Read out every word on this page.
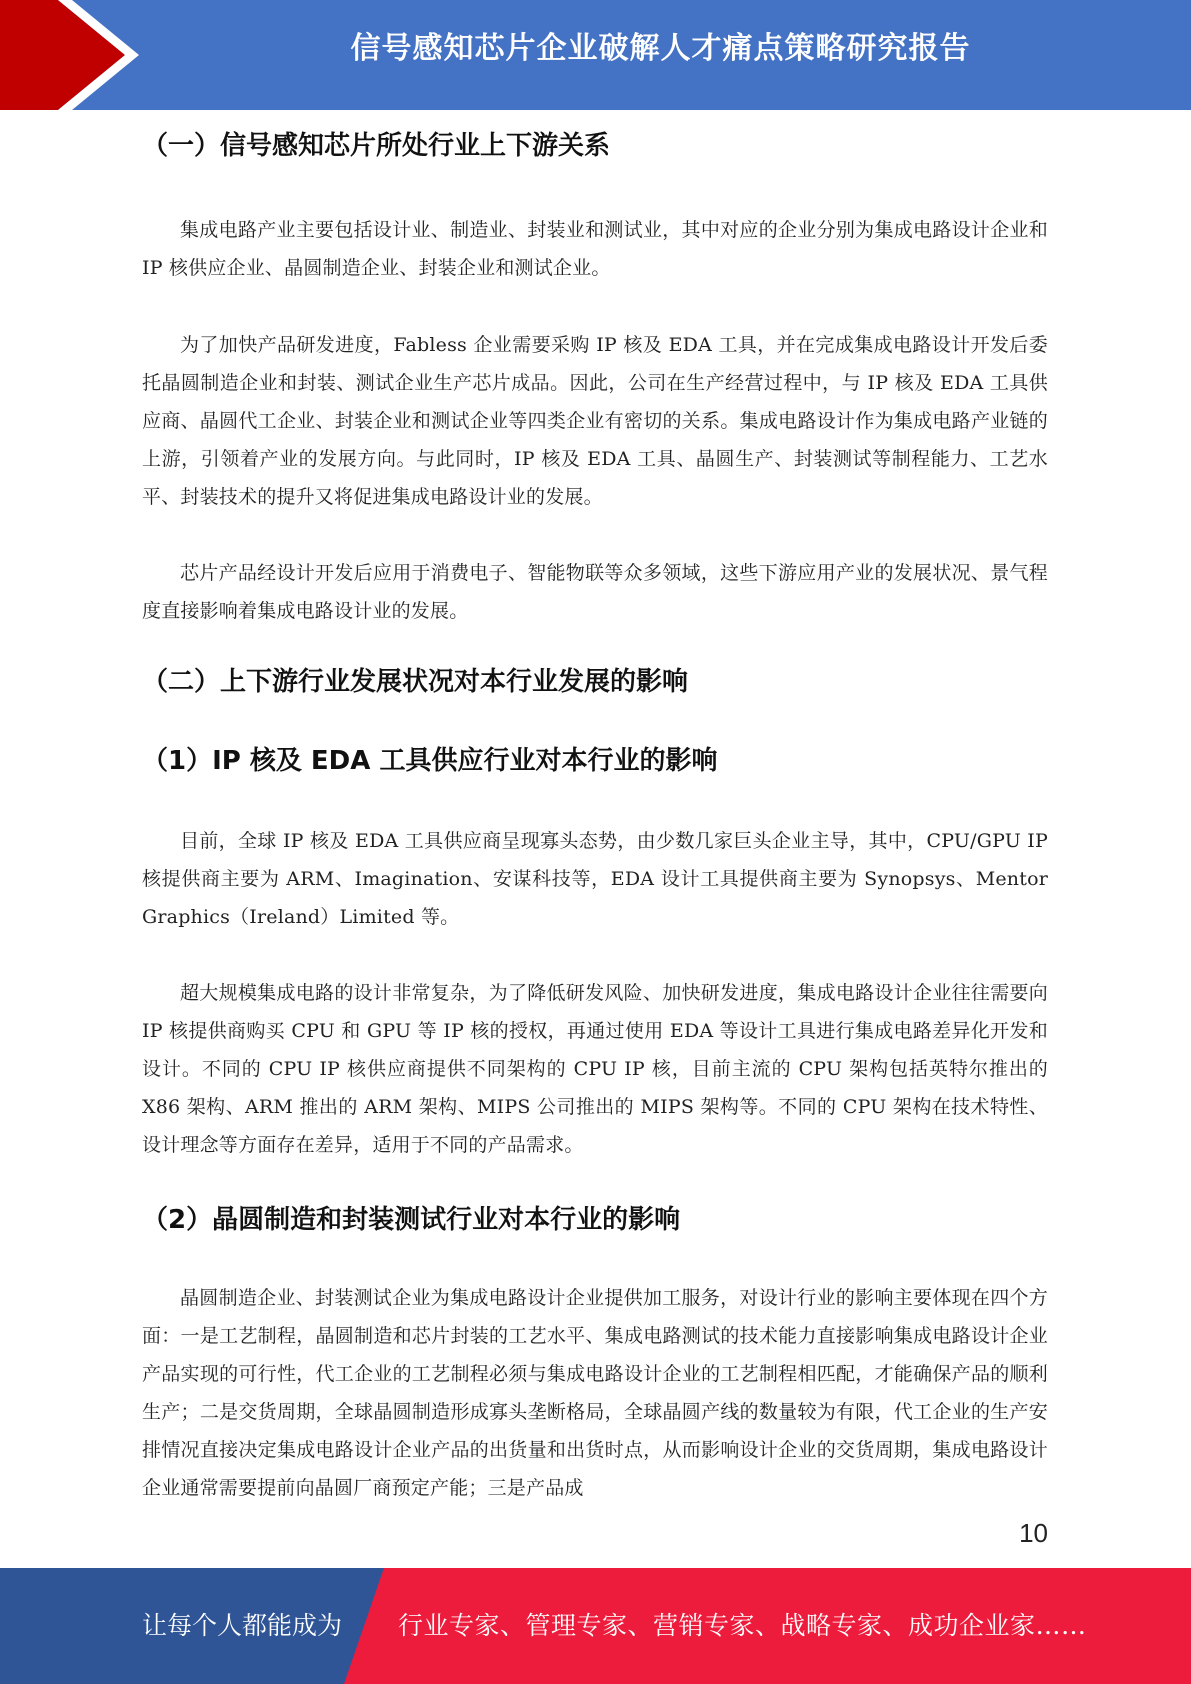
信号感知芯片企业破解人才痛点策略研究报告
（一）信号感知芯片所处行业上下游关系

集成电路产业主要包括设计业、制造业、封装业和测试业，其中对应的企业分别为集成电路设计企业和 IP 核供应企业、晶圆制造企业、封装企业和测试企业。

为了加快产品研发进度，Fabless 企业需要采购 IP 核及 EDA 工具，并在完成集成电路设计开发后委托晶圆制造企业和封装、测试企业生产芯片成品。因此，公司在生产经营过程中，与 IP 核及 EDA 工具供应商、晶圆代工企业、封装企业和测试企业等四类企业有密切的关系。集成电路设计作为集成电路产业链的上游，引领着产业的发展方向。与此同时，IP 核及 EDA 工具、晶圆生产、封装测试等制程能力、工艺水平、封装技术的提升又将促进集成电路设计业的发展。

芯片产品经设计开发后应用于消费电子、智能物联等众多领域，这些下游应用产业的发展状况、景气程度直接影响着集成电路设计业的发展。

（二）上下游行业发展状况对本行业发展的影响
（1）IP 核及 EDA 工具供应行业对本行业的影响

目前，全球 IP 核及 EDA 工具供应商呈现寡头态势，由少数几家巨头企业主导，其中，CPU/GPU IP 核提供商主要为 ARM、Imagination、安谋科技等，EDA 设计工具提供商主要为 Synopsys、Mentor Graphics（Ireland）Limited 等。

超大规模集成电路的设计非常复杂，为了降低研发风险、加快研发进度，集成电路设计企业往往需要向 IP 核提供商购买 CPU 和 GPU 等 IP 核的授权，再通过使用 EDA 等设计工具进行集成电路差异化开发和设计。不同的 CPU IP 核供应商提供不同架构的 CPU IP 核，目前主流的 CPU 架构包括英特尔推出的 X86 架构、ARM 推出的 ARM 架构、MIPS 公司推出的 MIPS 架构等。不同的 CPU 架构在技术特性、设计理念等方面存在差异，适用于不同的产品需求。

（2）晶圆制造和封装测试行业对本行业的影响

晶圆制造企业、封装测试企业为集成电路设计企业提供加工服务，对设计行业的影响主要体现在四个方面：一是工艺制程，晶圆制造和芯片封装的工艺水平、集成电路测试的技术能力直接影响集成电路设计企业产品实现的可行性，代工企业的工艺制程必须与集成电路设计企业的工艺制程相匹配，才能确保产品的顺利生产；二是交货周期，全球晶圆制造形成寡头垄断格局，全球晶圆产线的数量较为有限，代工企业的生产安排情况直接决定集成电路设计企业产品的出货量和出货时点，从而影响设计企业的交货周期，集成电路设计企业通常需要提前向晶圆厂商预定产能；三是产品成

10
让每个人都能成为 行业专家、管理专家、营销专家、战略专家、成功企业家……
